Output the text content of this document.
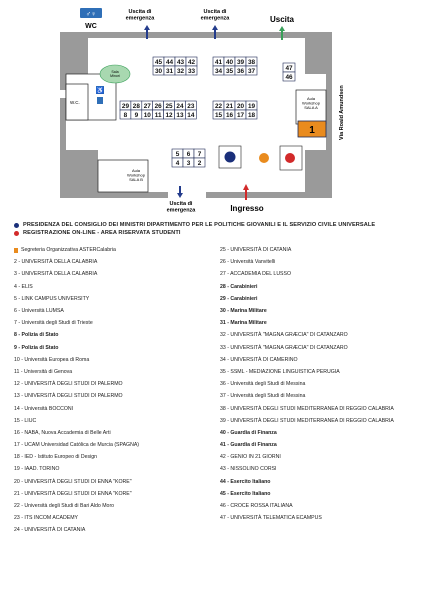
♂♀
WC
Uscita di emergenza
Uscita di emergenza	Uscita
W.C.
♿
Sala Minori
45 44 43 42
30 31 32 33
41 40 39 38
34 35 36 37	47
46
29 28 27 26 25 24 23
8 9 10 11 12 13 14
22 21 20 19
15 16 17 18
5 6 7
4 3 2
Aula Workshop SALA A
1
Aula Workshop SALA B
Uscita di emergenza	Ingresso
Via Roald Amundsen
PRESIDENZA DEL CONSIGLIO DEI MINISTRI DIPARTIMENTO PER LE POLITICHE GIOVANILI E IL SERVIZIO CIVILE UNIVERSALE
REGISTRAZIONE ON-LINE - AREA RISERVATA STUDENTI
Segreteria Organizzativa ASTERCalabria
2 - UNIVERSITÀ DELLA CALABRIA
3 - UNIVERSITÀ DELLA CALABRIA
4 - ELIS
5 - LINK CAMPUS UNIVERSITY
6 - Università LUMSA
7 - Università degli Studi di Trieste
8 - Polizia di Stato
9 - Polizia di Stato
10 - Università Europea di Roma
11 - Università di Genova
12 - UNIVERSITÀ DEGLI STUDI DI PALERMO
13 - UNIVERSITÀ DEGLI STUDI DI PALERMO
14 - Università BOCCONI
15 - LIUC
16 - NABA, Nuova Accademia di Belle Arti
17 - UCAM Universidad Católica de Murcia (SPAGNA)
18 - IED - Istituto Europeo di Design
19 - IAAD. TORINO
20 - UNIVERSITÀ DEGLI STUDI DI ENNA "KORE"
21 - UNIVERSITÀ DEGLI STUDI DI ENNA "KORE"
22 - Università degli Studi di Bari Aldo Moro
23 - ITS INCOM ACADEMY
24 - UNIVERSITÀ DI CATANIA
25 - UNIVERSITÀ DI CATANIA
26 - Università Vanvitelli
27 - ACCADEMIA DEL LUSSO
28 - Carabinieri
29 - Carabinieri
30 - Marina Militare
31 - Marina Militare
32 - UNIVERSITÀ "MAGNA GRÆCIA" DI CATANZARO
33 - UNIVERSITÀ "MAGNA GRÆCIA" DI CATANZARO
34 - UNIVERSITÀ DI CAMERINO
35 - SSML - MEDIAZIONE LINGUISTICA PERUGIA
36 - Università degli Studi di Messina
37 - Università degli Studi di Messina
38 - UNIVERSITÀ DEGLI STUDI MEDITERRANEA DI REGGIO CALABRIA
39 - UNIVERSITÀ DEGLI STUDI MEDITERRANEA DI REGGIO CALABRIA
40 - Guardia di Finanza
41 - Guardia di Finanza
42 - GENIO IN 21 GIORNI
43 - NISSOLINO CORSI
44 - Esercito Italiano
45 - Esercito Italiano
46 - CROCE ROSSA ITALIANA
47 - UNIVERSITÀ TELEMATICA ECAMPUS
